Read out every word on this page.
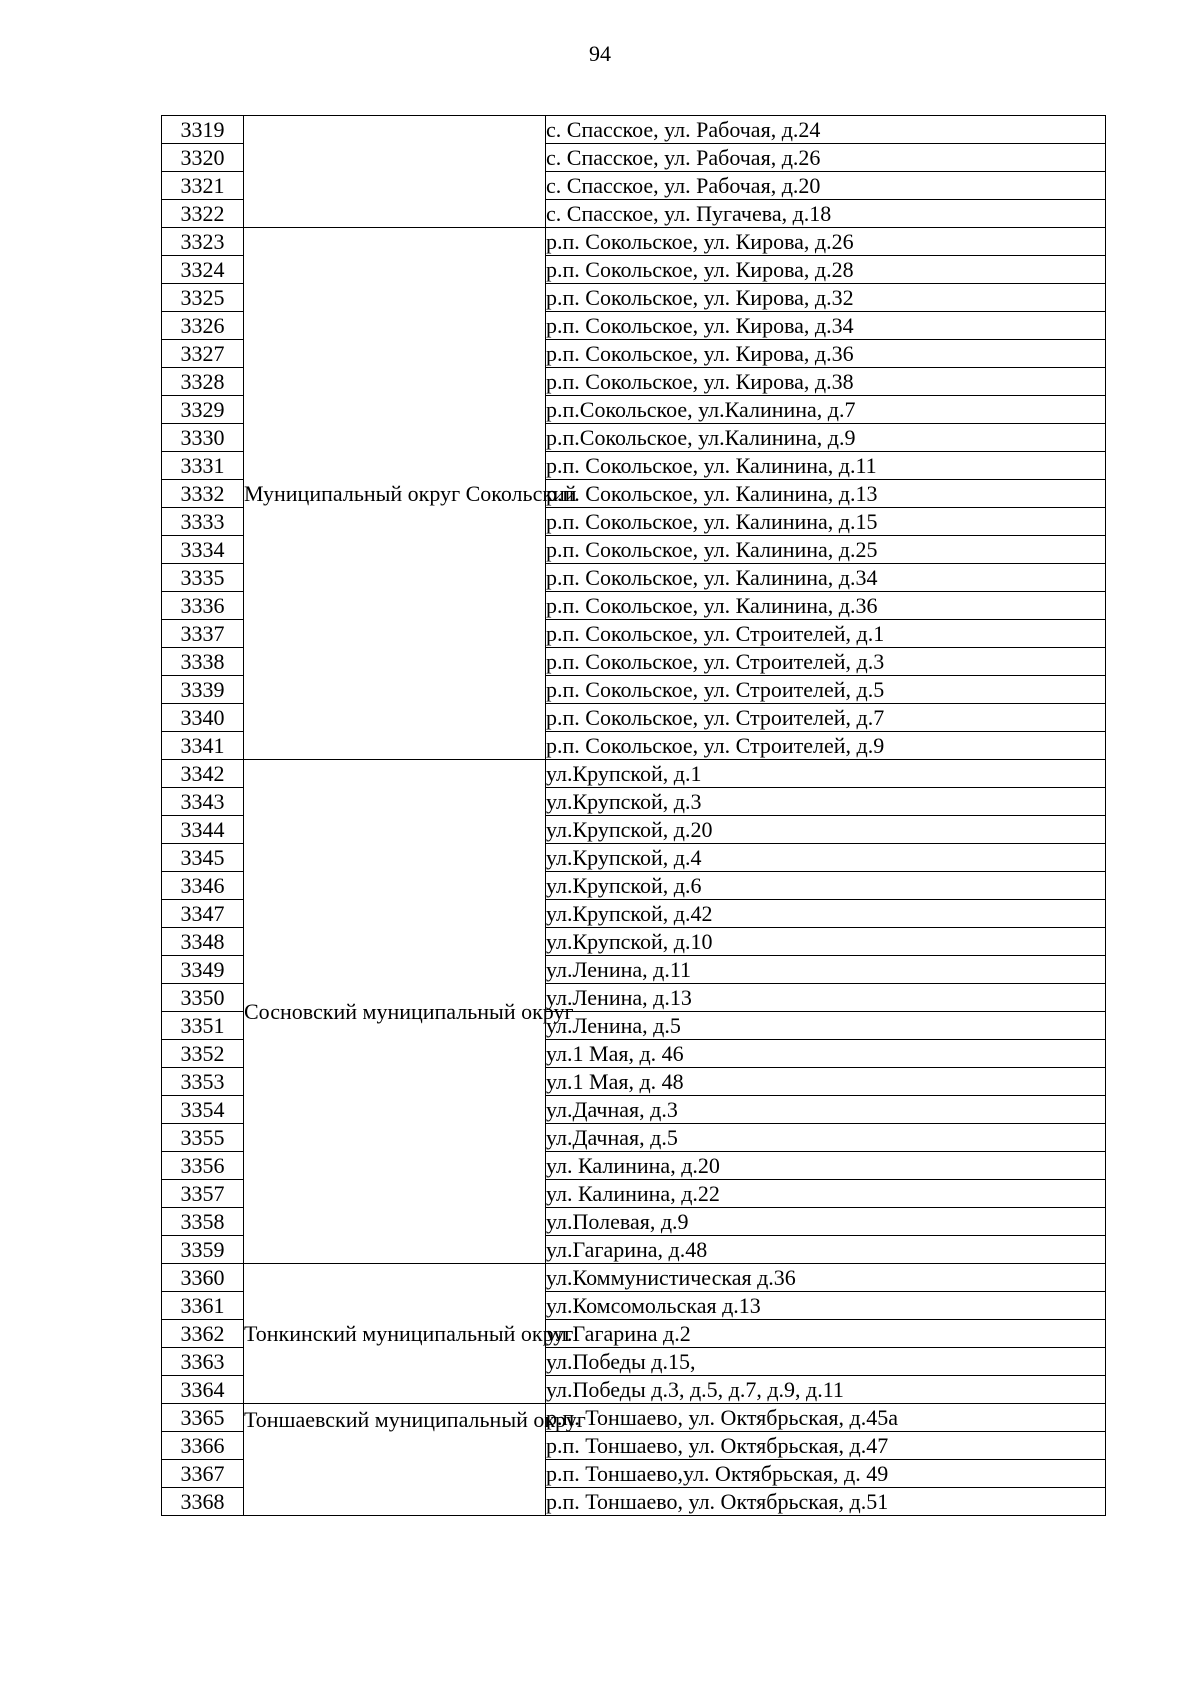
94
3319		с. Спасское, ул. Рабочая, д.24
3320		с. Спасское, ул. Рабочая, д.26
3321		с. Спасское, ул. Рабочая, д.20
3322		с. Спасское, ул. Пугачева, д.18
3323	Муниципальный округ Сокольский	р.п. Сокольское, ул. Кирова, д.26
3324		р.п. Сокольское, ул. Кирова, д.28
3325		р.п. Сокольское, ул. Кирова, д.32
3326		р.п. Сокольское, ул. Кирова, д.34
3327		р.п. Сокольское, ул. Кирова, д.36
3328		р.п. Сокольское, ул. Кирова, д.38
3329		р.п.Сокольское, ул.Калинина, д.7
3330		р.п.Сокольское, ул.Калинина, д.9
3331		р.п. Сокольское, ул. Калинина, д.11
3332		р.п. Сокольское, ул. Калинина, д.13
3333		р.п. Сокольское, ул. Калинина, д.15
3334		р.п. Сокольское, ул. Калинина, д.25
3335		р.п. Сокольское, ул. Калинина, д.34
3336		р.п. Сокольское, ул. Калинина, д.36
3337		р.п. Сокольское, ул. Строителей, д.1
3338		р.п. Сокольское, ул. Строителей, д.3
3339		р.п. Сокольское, ул. Строителей, д.5
3340		р.п. Сокольское, ул. Строителей, д.7
3341		р.п. Сокольское, ул. Строителей, д.9
3342	Сосновский муниципальный округ	ул.Крупской, д.1
3343		ул.Крупской, д.3
3344		ул.Крупской, д.20
3345		ул.Крупской, д.4
3346		ул.Крупской, д.6
3347		ул.Крупской, д.42
3348		ул.Крупской, д.10
3349		ул.Ленина, д.11
3350		ул.Ленина, д.13
3351		ул.Ленина, д.5
3352		ул.1 Мая, д. 46
3353		ул.1 Мая, д. 48
3354		ул.Дачная, д.3
3355		ул.Дачная, д.5
3356		ул. Калинина, д.20
3357		ул. Калинина, д.22
3358		ул.Полевая, д.9
3359		ул.Гагарина, д.48
3360	Тонкинский муниципальный округ	ул.Коммунистическая д.36
3361		ул.Комсомольская д.13
3362		ул.Гагарина д.2
3363		ул.Победы д.15,
3364		ул.Победы д.3, д.5, д.7, д.9, д.11
3365	Тоншаевский муниципальный округ	р.п. Тоншаево, ул. Октябрьская, д.45а
3366		р.п. Тоншаево, ул. Октябрьская, д.47
3367		р.п. Тоншаево,ул. Октябрьская, д. 49
3368		р.п. Тоншаево, ул. Октябрьская, д.51
